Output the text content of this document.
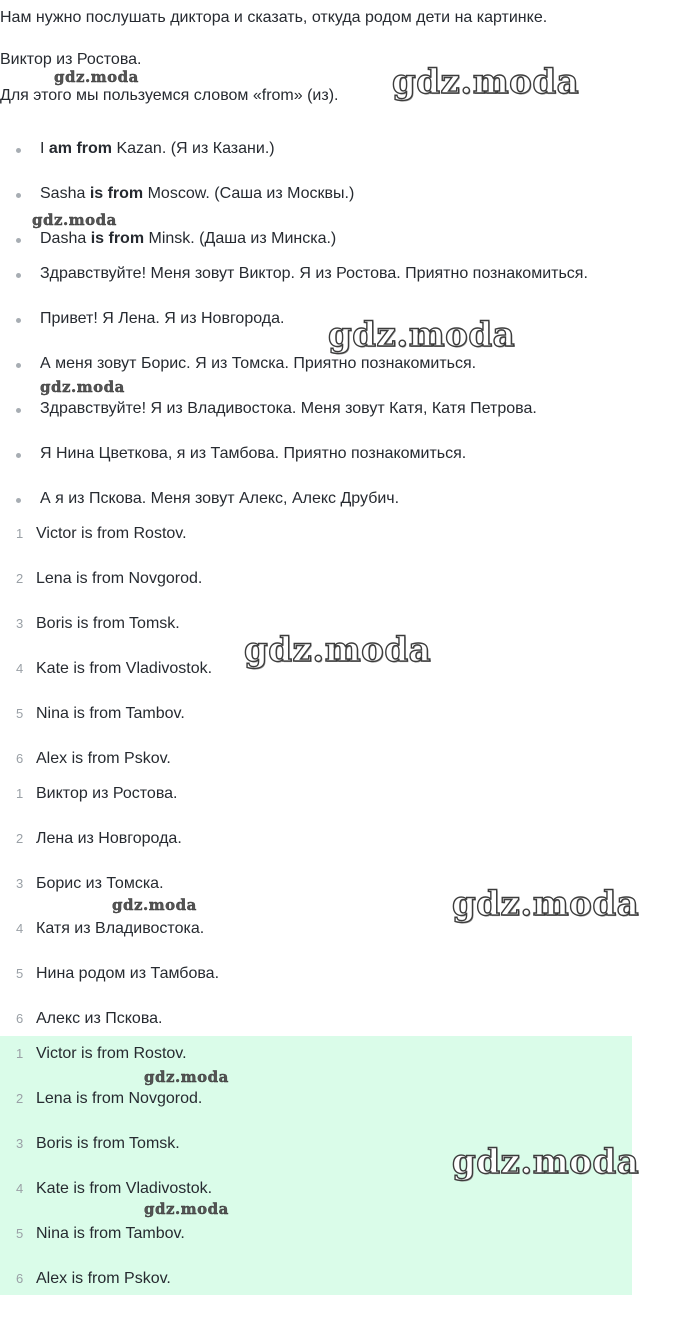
Нам нужно послушать диктора и сказать, откуда родом дети на картинке.
Виктор из Ростова.
Для этого мы пользуемся словом «from» (из).
I am from Kazan. (Я из Казани.)
Sasha is from Moscow. (Саша из Москвы.)
Dasha is from Minsk. (Даша из Минска.)
Здравствуйте! Меня зовут Виктор. Я из Ростова. Приятно познакомиться.
Привет! Я Лена. Я из Новгорода.
А меня зовут Борис. Я из Томска. Приятно познакомиться.
Здравствуйте! Я из Владивостока. Меня зовут Катя, Катя Петрова.
Я Нина Цветкова, я из Тамбова. Приятно познакомиться.
А я из Пскова. Меня зовут Алекс, Алекс Друбич.
1 Victor is from Rostov.
2 Lena is from Novgorod.
3 Boris is from Tomsk.
4 Kate is from Vladivostok.
5 Nina is from Tambov.
6 Alex is from Pskov.
1 Виктор из Ростова.
2 Лена из Новгорода.
3 Борис из Томска.
4 Катя из Владивостока.
5 Нина родом из Тамбова.
6 Алекс из Пскова.
1 Victor is from Rostov.
2 Lena is from Novgorod.
3 Boris is from Tomsk.
4 Kate is from Vladivostok.
5 Nina is from Tambov.
6 Alex is from Pskov.
gdz.moda
gdz.moda
gdz.moda
gdz.moda
gdz.moda
gdz.moda
gdz.moda	gdz.moda
gdz.moda
gdz.moda
gdz.moda
